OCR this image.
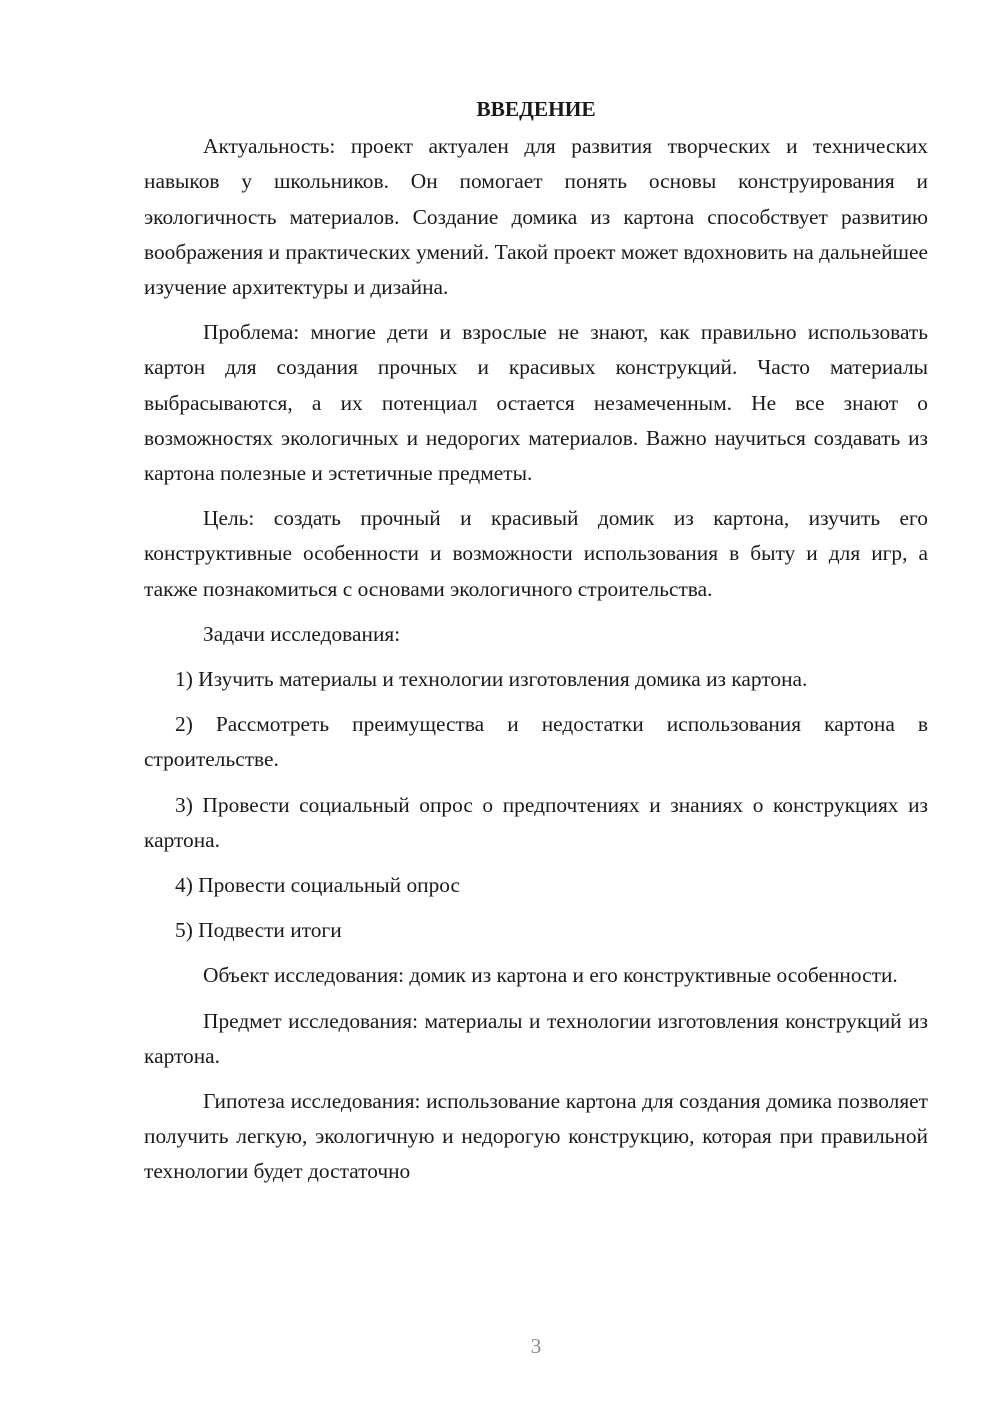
ВВЕДЕНИЕ

Актуальность: проект актуален для развития творческих и технических навыков у школьников. Он помогает понять основы конструирования и экологичность материалов. Создание домика из картона способствует развитию воображения и практических умений. Такой проект может вдохновить на дальнейшее изучение архитектуры и дизайна.

Проблема: многие дети и взрослые не знают, как правильно использовать картон для создания прочных и красивых конструкций. Часто материалы выбрасываются, а их потенциал остается незамеченным. Не все знают о возможностях экологичных и недорогих материалов. Важно научиться создавать из картона полезные и эстетичные предметы.

Цель: создать прочный и красивый домик из картона, изучить его конструктивные особенности и возможности использования в быту и для игр, а также познакомиться с основами экологичного строительства.

Задачи исследования:

1) Изучить материалы и технологии изготовления домика из картона.

2) Рассмотреть преимущества и недостатки использования картона в строительстве.

3) Провести социальный опрос о предпочтениях и знаниях о конструкциях из картона.

4) Провести социальный опрос

5) Подвести итоги

Объект исследования: домик из картона и его конструктивные особенности.

Предмет исследования: материалы и технологии изготовления конструкций из картона.

Гипотеза исследования: использование картона для создания домика позволяет получить легкую, экологичную и недорогую конструкцию, которая при правильной технологии будет достаточно

3
